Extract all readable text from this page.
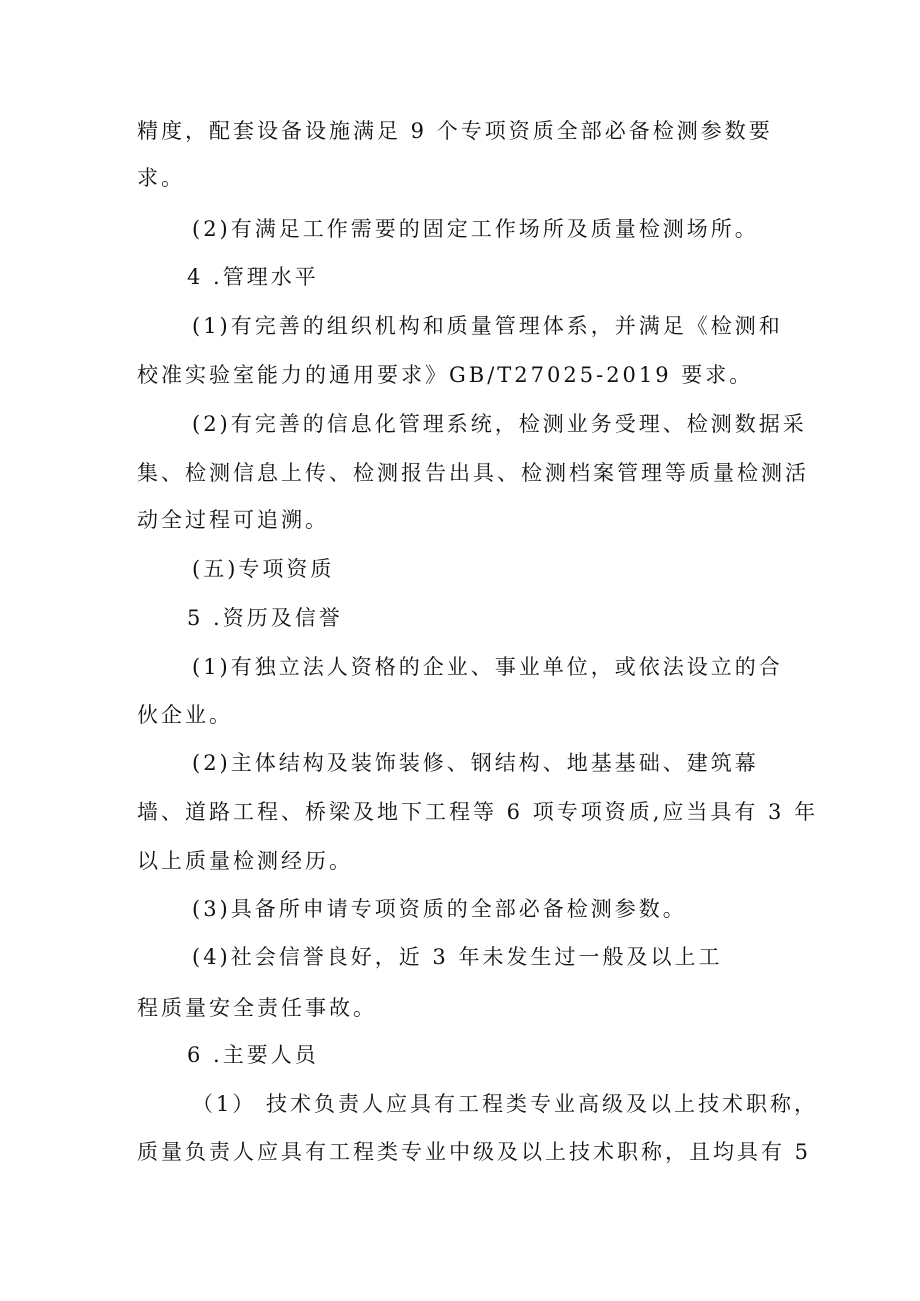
精度，配套设备设施满足 9 个专项资质全部必备检测参数要
求。
(2)有满足工作需要的固定工作场所及质量检测场所。
4 .管理水平
(1)有完善的组织机构和质量管理体系，并满足《检测和
校准实验室能力的通用要求》GB/T27025-2019 要求。
(2)有完善的信息化管理系统，检测业务受理、检测数据采
集、检测信息上传、检测报告出具、检测档案管理等质量检测活
动全过程可追溯。
(五)专项资质
5 .资历及信誉
(1)有独立法人资格的企业、事业单位，或依法设立的合
伙企业。
(2)主体结构及装饰装修、钢结构、地基基础、建筑幕
墙、道路工程、桥梁及地下工程等 6 项专项资质,应当具有 3 年
以上质量检测经历。
(3)具备所申请专项资质的全部必备检测参数。
(4)社会信誉良好，近 3 年未发生过一般及以上工
程质量安全责任事故。
6 .主要人员
（1） 技术负责人应具有工程类专业高级及以上技术职称，
质量负责人应具有工程类专业中级及以上技术职称，且均具有 5
